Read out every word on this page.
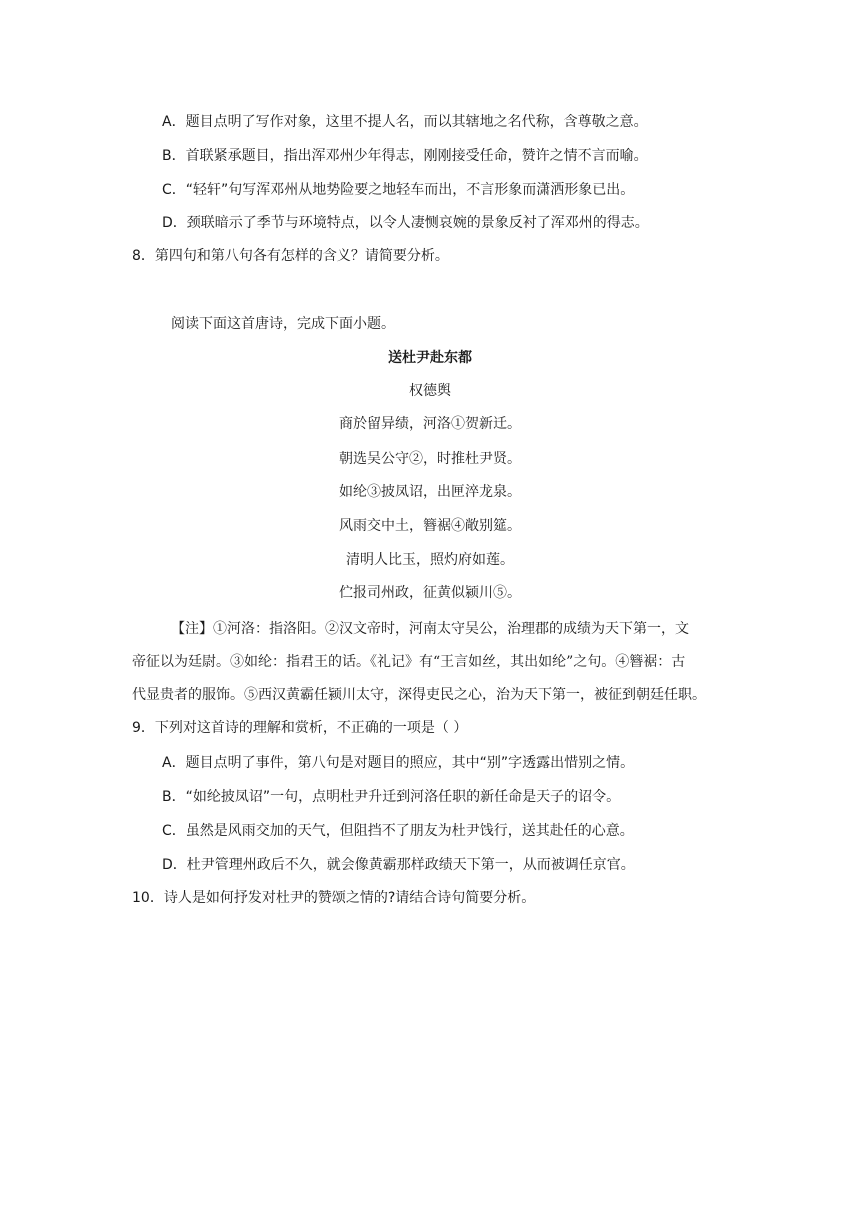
A．题目点明了写作对象，这里不提人名，而以其辖地之名代称，含尊敬之意。
B．首联紧承题目，指出浑邓州少年得志，刚刚接受任命，赞许之情不言而喻。
C．“轻轩”句写浑邓州从地势险要之地轻车而出，不言形象而潇洒形象已出。
D．颈联暗示了季节与环境特点，以令人凄恻哀婉的景象反衬了浑邓州的得志。
8．第四句和第八句各有怎样的含义？请简要分析。
阅读下面这首唐诗，完成下面小题。
送杜尹赴东都
权德舆
商於留异绩，河洛①贺新迁。
朝选吴公守②，时推杜尹贤。
如纶③披凤诏，出匣淬龙泉。
风雨交中土，簪裾④敞别筵。
清明人比玉，照灼府如莲。
伫报司州政，征黄似颍川⑤。
【注】①河洛：指洛阳。②汉文帝时，河南太守吴公，治理郡的成绩为天下第一，文
帝征以为廷尉。③如纶：指君王的话。《礼记》有“王言如丝，其出如纶”之句。④簪裾：古
代显贵者的服饰。⑤西汉黄霸任颍川太守，深得吏民之心，治为天下第一，被征到朝廷任职。
9．下列对这首诗的理解和赏析，不正确的一项是（ ）
A．题目点明了事件，第八句是对题目的照应，其中“别”字透露出惜别之情。
B．“如纶披凤诏”一句，点明杜尹升迁到河洛任职的新任命是天子的诏令。
C．虽然是风雨交加的天气，但阻挡不了朋友为杜尹饯行，送其赴任的心意。
D．杜尹管理州政后不久，就会像黄霸那样政绩天下第一，从而被调任京官。
10．诗人是如何抒发对杜尹的赞颂之情的?请结合诗句简要分析。
